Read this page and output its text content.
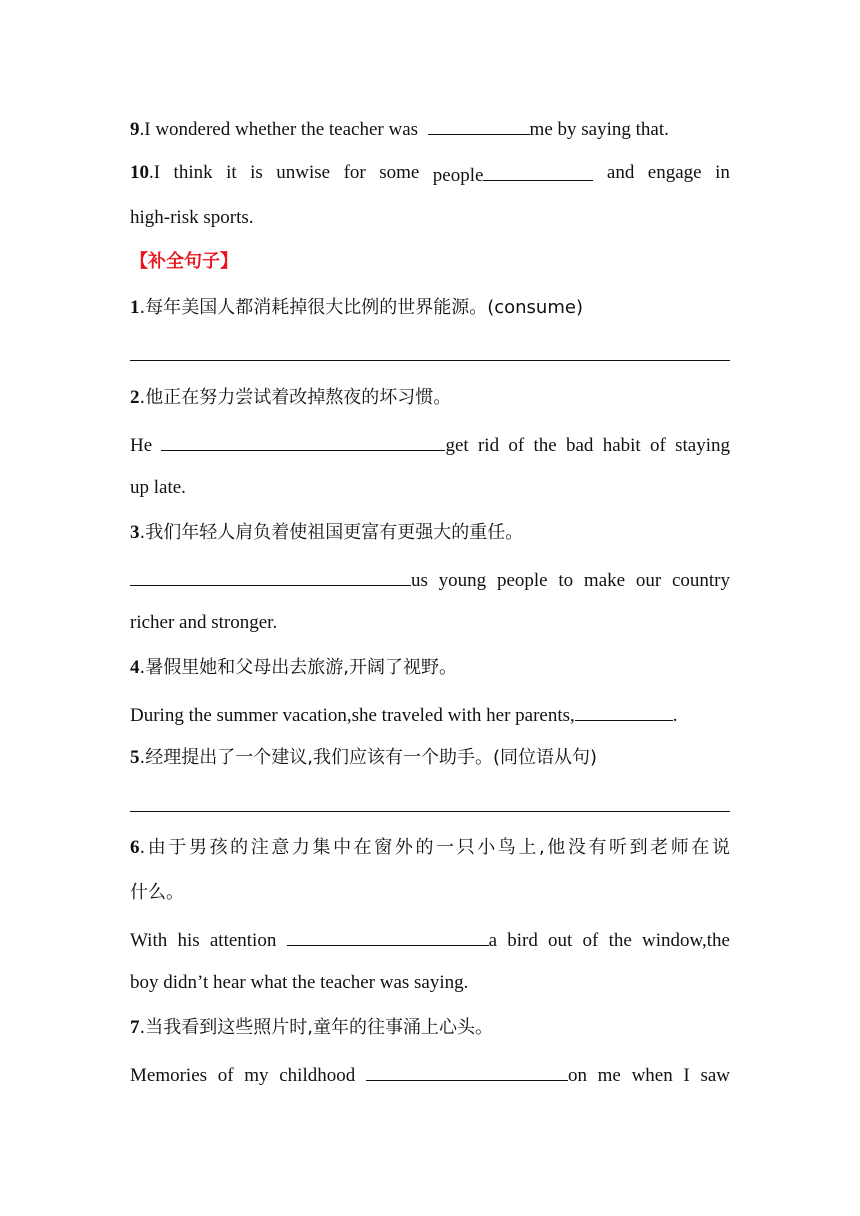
9.I wondered whether the teacher was	me by saying that.
10.I think it is unwise for some people	and engage in
high-risk sports.
【补全句子】
1.每年美国人都消耗掉很大比例的世界能源。(consume)
2.他正在努力尝试着改掉熬夜的坏习惯。
He	get rid of the bad habit of staying
up late.
3.我们年轻人肩负着使祖国更富有更强大的重任。
us young people to make our country
richer and stronger.
4.暑假里她和父母出去旅游,开阔了视野。
During the summer vacation,she traveled with her parents,	.
5.经理提出了一个建议,我们应该有一个助手。(同位语从句)
6.由于男孩的注意力集中在窗外的一只小鸟上,他没有听到老师在说
什么。
With his attention	a bird out of the window,the
boy didn’t hear what the teacher was saying.
7.当我看到这些照片时,童年的往事涌上心头。
Memories of my childhood	on me when I saw
